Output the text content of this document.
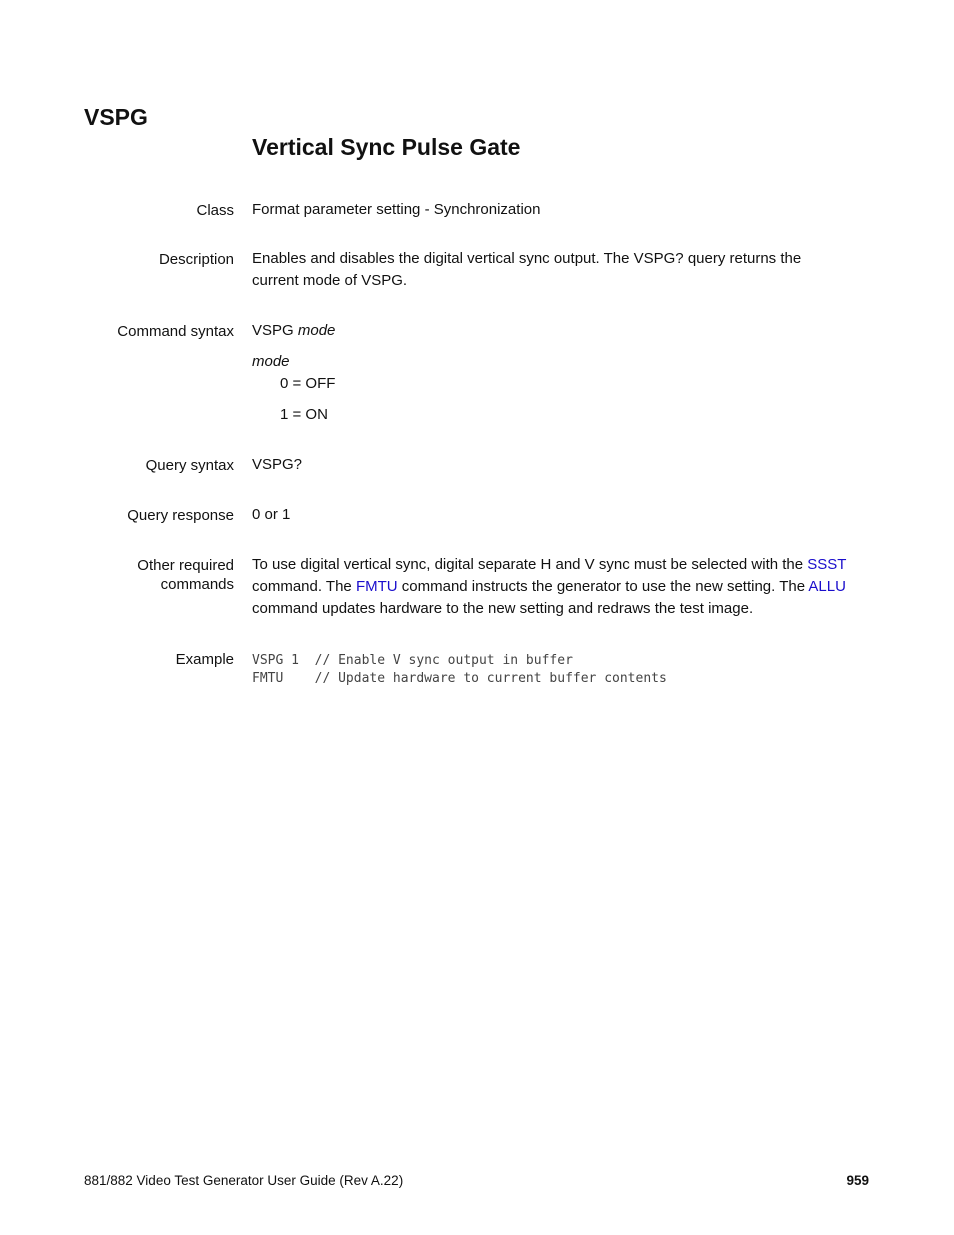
VSPG
Vertical Sync Pulse Gate
Class Format parameter setting - Synchronization
Description Enables and disables the digital vertical sync output. The VSPG? query returns the
current mode of VSPG.
Command syntax VSPG mode
mode
0 = OFF
1 = ON
Query syntax VSPG?
Query response 0 or 1
Other required
commands
To use digital vertical sync, digital separate H and V sync must be selected with the SSST
command. The FMTU command instructs the generator to use the new setting. The ALLU
command updates hardware to the new setting and redraws the test image.
Example VSPG 1  // Enable V sync output in buffer
FMTU    // Update hardware to current buffer contents
881/882 Video Test Generator User Guide (Rev A.22)	959
